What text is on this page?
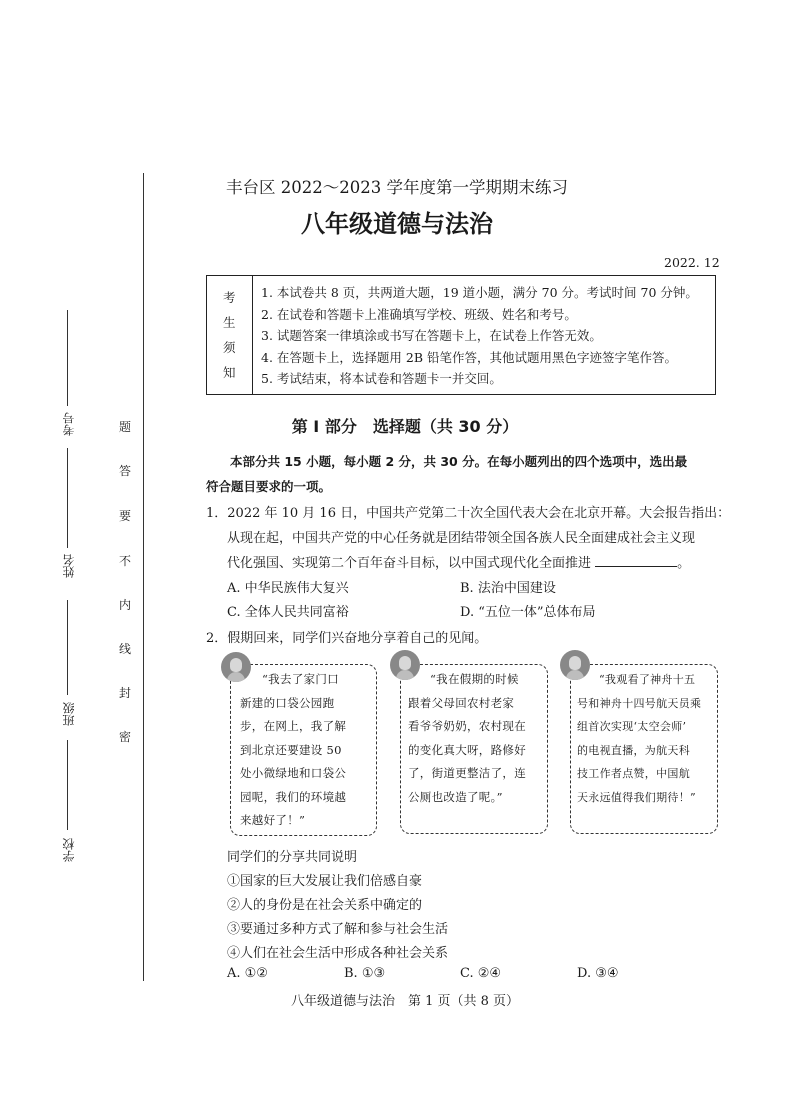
学校
班级
姓名
考号	题
答
要
不
内
线
封
密
丰台区 2022～2023 学年度第一学期期末练习
八年级道德与法治
2022. 12
考
生
须
知
1. 本试卷共 8 页，共两道大题，19 道小题，满分 70 分。考试时间 70 分钟。
2. 在试卷和答题卡上准确填写学校、班级、姓名和考号。
3. 试题答案一律填涂或书写在答题卡上，在试卷上作答无效。
4. 在答题卡上，选择题用 2B 铅笔作答，其他试题用黑色字迹签字笔作答。
5. 考试结束，将本试卷和答题卡一并交回。
第 I 部分　选择题（共 30 分）
本部分共 15 小题，每小题 2 分，共 30 分。在每小题列出的四个选项中，选出最
符合题目要求的一项。
1．2022 年 10 月 16 日，中国共产党第二十次全国代表大会在北京开幕。大会报告指出：
从现在起，中国共产党的中心任务就是团结带领全国各族人民全面建成社会主义现
代化强国、实现第二个百年奋斗目标，以中国式现代化全面推进	。
A. 中华民族伟大复兴	B. 法治中国建设
C. 全体人民共同富裕	D. “五位一体”总体布局
2．假期回来，同学们兴奋地分享着自己的见闻。
“我去了家门口
新建的口袋公园跑
步，在网上，我了解
到北京还要建设 50
处小微绿地和口袋公
园呢，我们的环境越
来越好了！”
“我在假期的时候
跟着父母回农村老家
看爷爷奶奶，农村现在
的变化真大呀，路修好
了，街道更整洁了，连
公厕也改造了呢。”
“我观看了神舟十五
号和神舟十四号航天员乘
组首次实现‘太空会师’
的电视直播，为航天科
技工作者点赞，中国航
天永远值得我们期待！”
同学们的分享共同说明
①国家的巨大发展让我们倍感自豪
②人的身份是在社会关系中确定的
③要通过多种方式了解和参与社会生活
④人们在社会生活中形成各种社会关系
A. ①②	B. ①③	C. ②④	D. ③④
八年级道德与法治　第 1 页（共 8 页）
